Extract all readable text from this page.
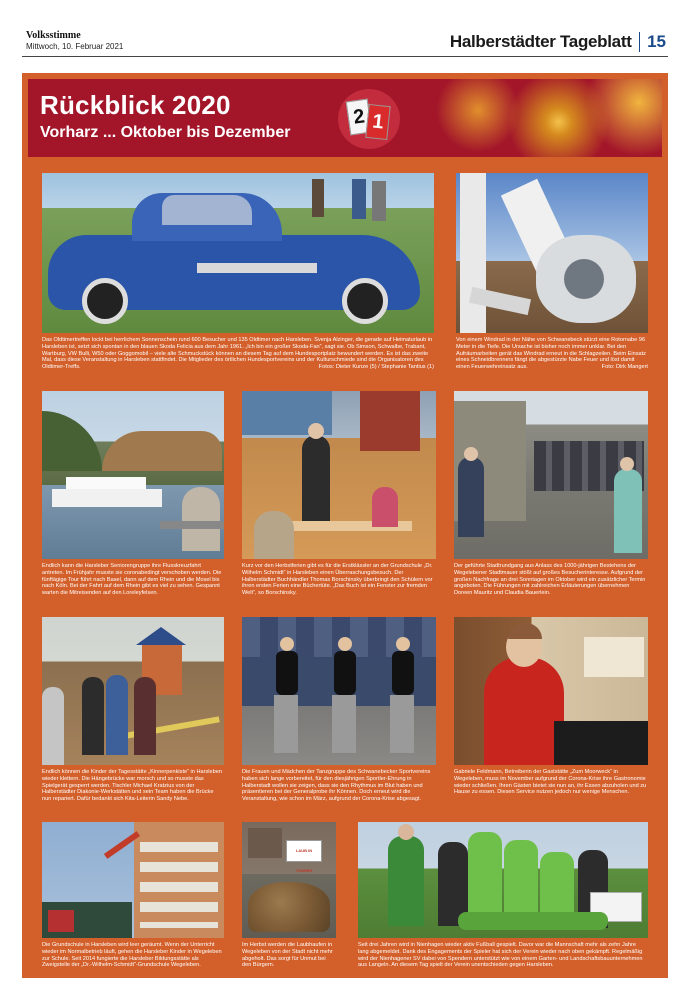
Volksstimme
Mittwoch, 10. Februar 2021	Halberstädter Tageblatt 15
Rückblick 2020
Vorharz ... Oktober bis Dezember
2 1
Das Oldtimertreffen lockt bei herrlichem Sonnenschein rund 600 Besucher und 135 Oldtimer nach Harsleben. Svenja Alzinger, die gerade auf Heimaturlaub in Harsleben ist, setzt sich spontan in den blauen Skoda Felicia aus dem Jahr 1961. „Ich bin ein großer Skoda-Fan“, sagt sie. Ob Simson, Schwalbe, Trabant, Wartburg, VW Bulli, W50 oder Goggomobil – viele alte Schmuckstück können an diesem Tag auf dem Hundesportplatz bewundert werden. Es ist das zweite Mal, dass diese Veranstaltung in Harsleben stattfindet. Die Mitglieder des örtlichen Hundesportvereins und der Kulturschmiede sind die Organisatoren des Oldtimer-Treffs.	Fotos: Dieter Kunze (5) / Stephanie Tantius (1)
Von einem Windrad in der Nähe von Schwanebeck stürzt eine Rotornabe 96 Meter in die Tiefe. Die Ursache ist bisher noch immer unklar. Bei den Aufräumarbeiten gerät das Windrad erneut in die Schlagzeilen. Beim Einsatz eines Schneidbrenners fängt die abgestürzte Nabe Feuer und löst damit einen Feuerwehreinsatz aus.	Foto: Dirk Mangert
Endlich kann die Harsleber Seniorengruppe ihre Flusskreuzfahrt antreten. Im Frühjahr musste sie coronabedingt verschoben werden. Die fünftägige Tour führt nach Basel, dann auf dem Rhein und die Mosel bis nach Köln. Bei der Fahrt auf dem Rhein gibt es viel zu sehen. Gespannt warten die Mitreisenden auf den Loreleyfelsen.
Kurz vor den Herbstferien gibt es für die Erstklässler an der Grundschule „Dr. Wilhelm Schmidt“ in Harsleben einen Überraschungsbesuch. Der Halberstädter Buchhändler Thomas Borschinsky überbringt den Schülern vor ihren ersten Ferien eine Büchertüte. „Das Buch ist ein Fenster zur fremden Welt“, so Borschinsky.
Der geführte Stadtrundgang aus Anlass des 1000-jährigen Bestehens der Wegelebener Stadtmauer stößt auf großes Besucherinteresse. Aufgrund der großen Nachfrage an drei Sonntagen im Oktober wird ein zusätzlicher Termin angeboten. Die Führungen mit zahlreichen Erläuterungen übernehmen Doreen Mauritz und Claudia Bauerlein.
Endlich können die Kinder der Tagesstätte „Kinnerpenkiste“ in Harsleben wieder klettern. Die Hängebrücke war morsch und so musste das Spielgerät gesperrt werden. Tischler Michael Kratzius von der Halberstädter Diakonie-Werkstätten und sein Team haben die Brücke nun repariert. Dafür bedankt sich Kita-Leiterin Sandy Nebe.
Die Frauen und Mädchen der Tanzgruppe des Schwanebecker Sportvereins haben sich lange vorbereitet, für den diesjährigen Sportler-Ehrung in Halberstadt wollen sie zeigen, dass sie den Rhythmus im Blut haben und präsentieren bei der Generalprobe ihr Können. Doch erneut wird die Veranstaltung, wie schon im März, aufgrund der Corona-Krise abgesagt.
Gabriele Feldmann, Betreiberin der Gaststätte „Zum Moorweck“ in Wegeleben, muss im November aufgrund der Corona-Krise ihre Gastronomie wieder schließen. Ihren Gästen bietet sie nun an, ihr Essen abzuholen und zu Hause zu essen. Diesen Service nutzen jedoch nur wenige Menschen.
Die Grundschule in Harsleben wird leer geräumt. Wenn der Unterricht wieder im Normalbetrieb läuft, gehen die Harsleber Kinder in Wegeleben zur Schule. Seit 2014 fungierte die Harsleber Bildungsstätte als Zweigstelle der „Dr.-Wilhelm-Schmidt“-Grundschule Wegeleben.
LAUB IN TONNEN
Im Herbst werden die Laubhaufen in Wegeleben von der Stadt nicht mehr abgeholt. Das sorgt für Unmut bei den Bürgern.
Seit drei Jahren wird in Nienhagen wieder aktiv Fußball gespielt. Davor war die Mannschaft mehr als zehn Jahre lang abgemeldet. Dank des Engagements der Spieler hat sich der Verein wieder nach oben gekämpft. Regelmäßig wird der Nienhagener SV dabei von Spendern unterstützt wie von einem Garten- und Landschaftsbauunternehmen aus Langeln. An diesem Tag spielt der Verein unentschieden gegen Harsleben.
